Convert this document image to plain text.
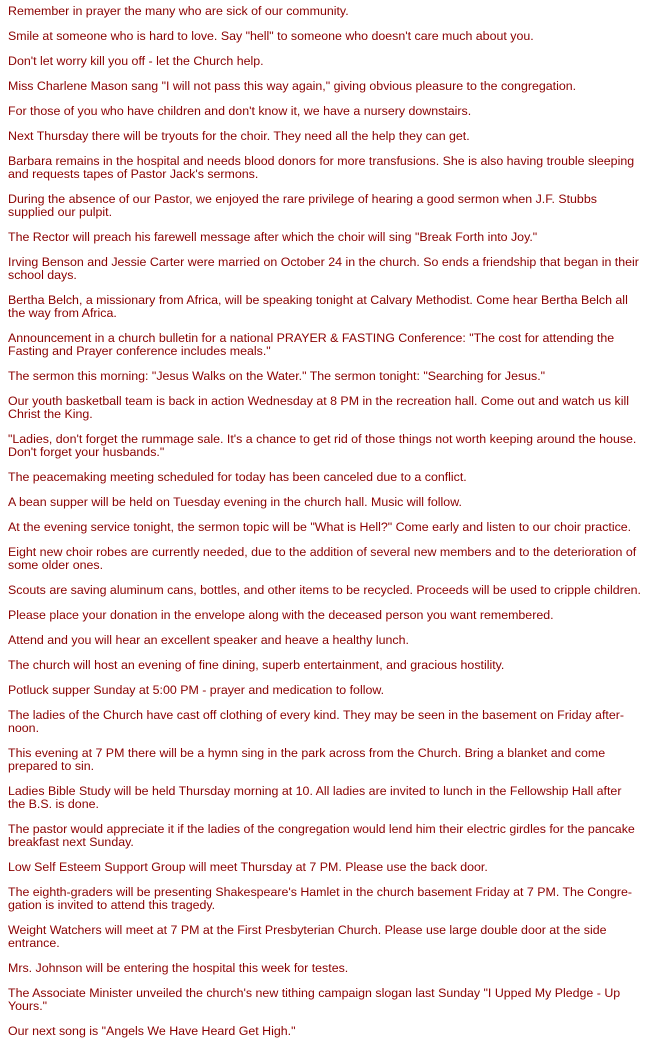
Remember in prayer the many who are sick of our community.
Smile at someone who is hard to love. Say "hell" to someone who doesn't care much about you.
Don't let worry kill you off - let the Church help.
Miss Charlene Mason sang "I will not pass this way again," giving obvious pleasure to the congregation.
For those of you who have children and don't know it, we have a nursery downstairs.
Next Thursday there will be tryouts for the choir. They need all the help they can get.
Barbara remains in the hospital and needs blood donors for more transfusions. She is also having trouble sleeping and requests tapes of Pastor Jack's sermons.
During the absence of our Pastor, we enjoyed the rare privilege of hearing a good sermon when J.F. Stubbs supplied our pulpit.
The Rector will preach his farewell message after which the choir will sing "Break Forth into Joy."
Irving Benson and Jessie Carter were married on October 24 in the church. So ends a friendship that began in their school days.
Bertha Belch, a missionary from Africa, will be speaking tonight at Calvary Methodist. Come hear Bertha Belch all the way from Africa.
Announcement in a church bulletin for a national PRAYER & FASTING Conference: "The cost for attending the Fasting and Prayer conference includes meals."
The sermon this morning: "Jesus Walks on the Water." The sermon tonight: "Searching for Jesus."
Our youth basketball team is back in action Wednesday at 8 PM in the recreation hall. Come out and watch us kill Christ the King.
"Ladies, don't forget the rummage sale. It's a chance to get rid of those things not worth keeping around the house. Don't forget your husbands."
The peacemaking meeting scheduled for today has been canceled due to a conflict.
A bean supper will be held on Tuesday evening in the church hall. Music will follow.
At the evening service tonight, the sermon topic will be "What is Hell?" Come early and listen to our choir practice.
Eight new choir robes are currently needed, due to the addition of several new members and to the deterioration of some older ones.
Scouts are saving aluminum cans, bottles, and other items to be recycled. Proceeds will be used to cripple children.
Please place your donation in the envelope along with the deceased person you want remembered.
Attend and you will hear an excellent speaker and heave a healthy lunch.
The church will host an evening of fine dining, superb entertainment, and gracious hostility.
Potluck supper Sunday at 5:00 PM - prayer and medication to follow.
The ladies of the Church have cast off clothing of every kind. They may be seen in the basement on Friday after-noon.
This evening at 7 PM there will be a hymn sing in the park across from the Church. Bring a blanket and come prepared to sin.
Ladies Bible Study will be held Thursday morning at 10. All ladies are invited to lunch in the Fellowship Hall after the B.S. is done.
The pastor would appreciate it if the ladies of the congregation would lend him their electric girdles for the pancake breakfast next Sunday.
Low Self Esteem Support Group will meet Thursday at 7 PM. Please use the back door.
The eighth-graders will be presenting Shakespeare's Hamlet in the church basement Friday at 7 PM. The Congre-gation is invited to attend this tragedy.
Weight Watchers will meet at 7 PM at the First Presbyterian Church. Please use large double door at the side entrance.
Mrs. Johnson will be entering the hospital this week for testes.
The Associate Minister unveiled the church's new tithing campaign slogan last Sunday "I Upped My Pledge - Up Yours."
Our next song is "Angels We Have Heard Get High."
